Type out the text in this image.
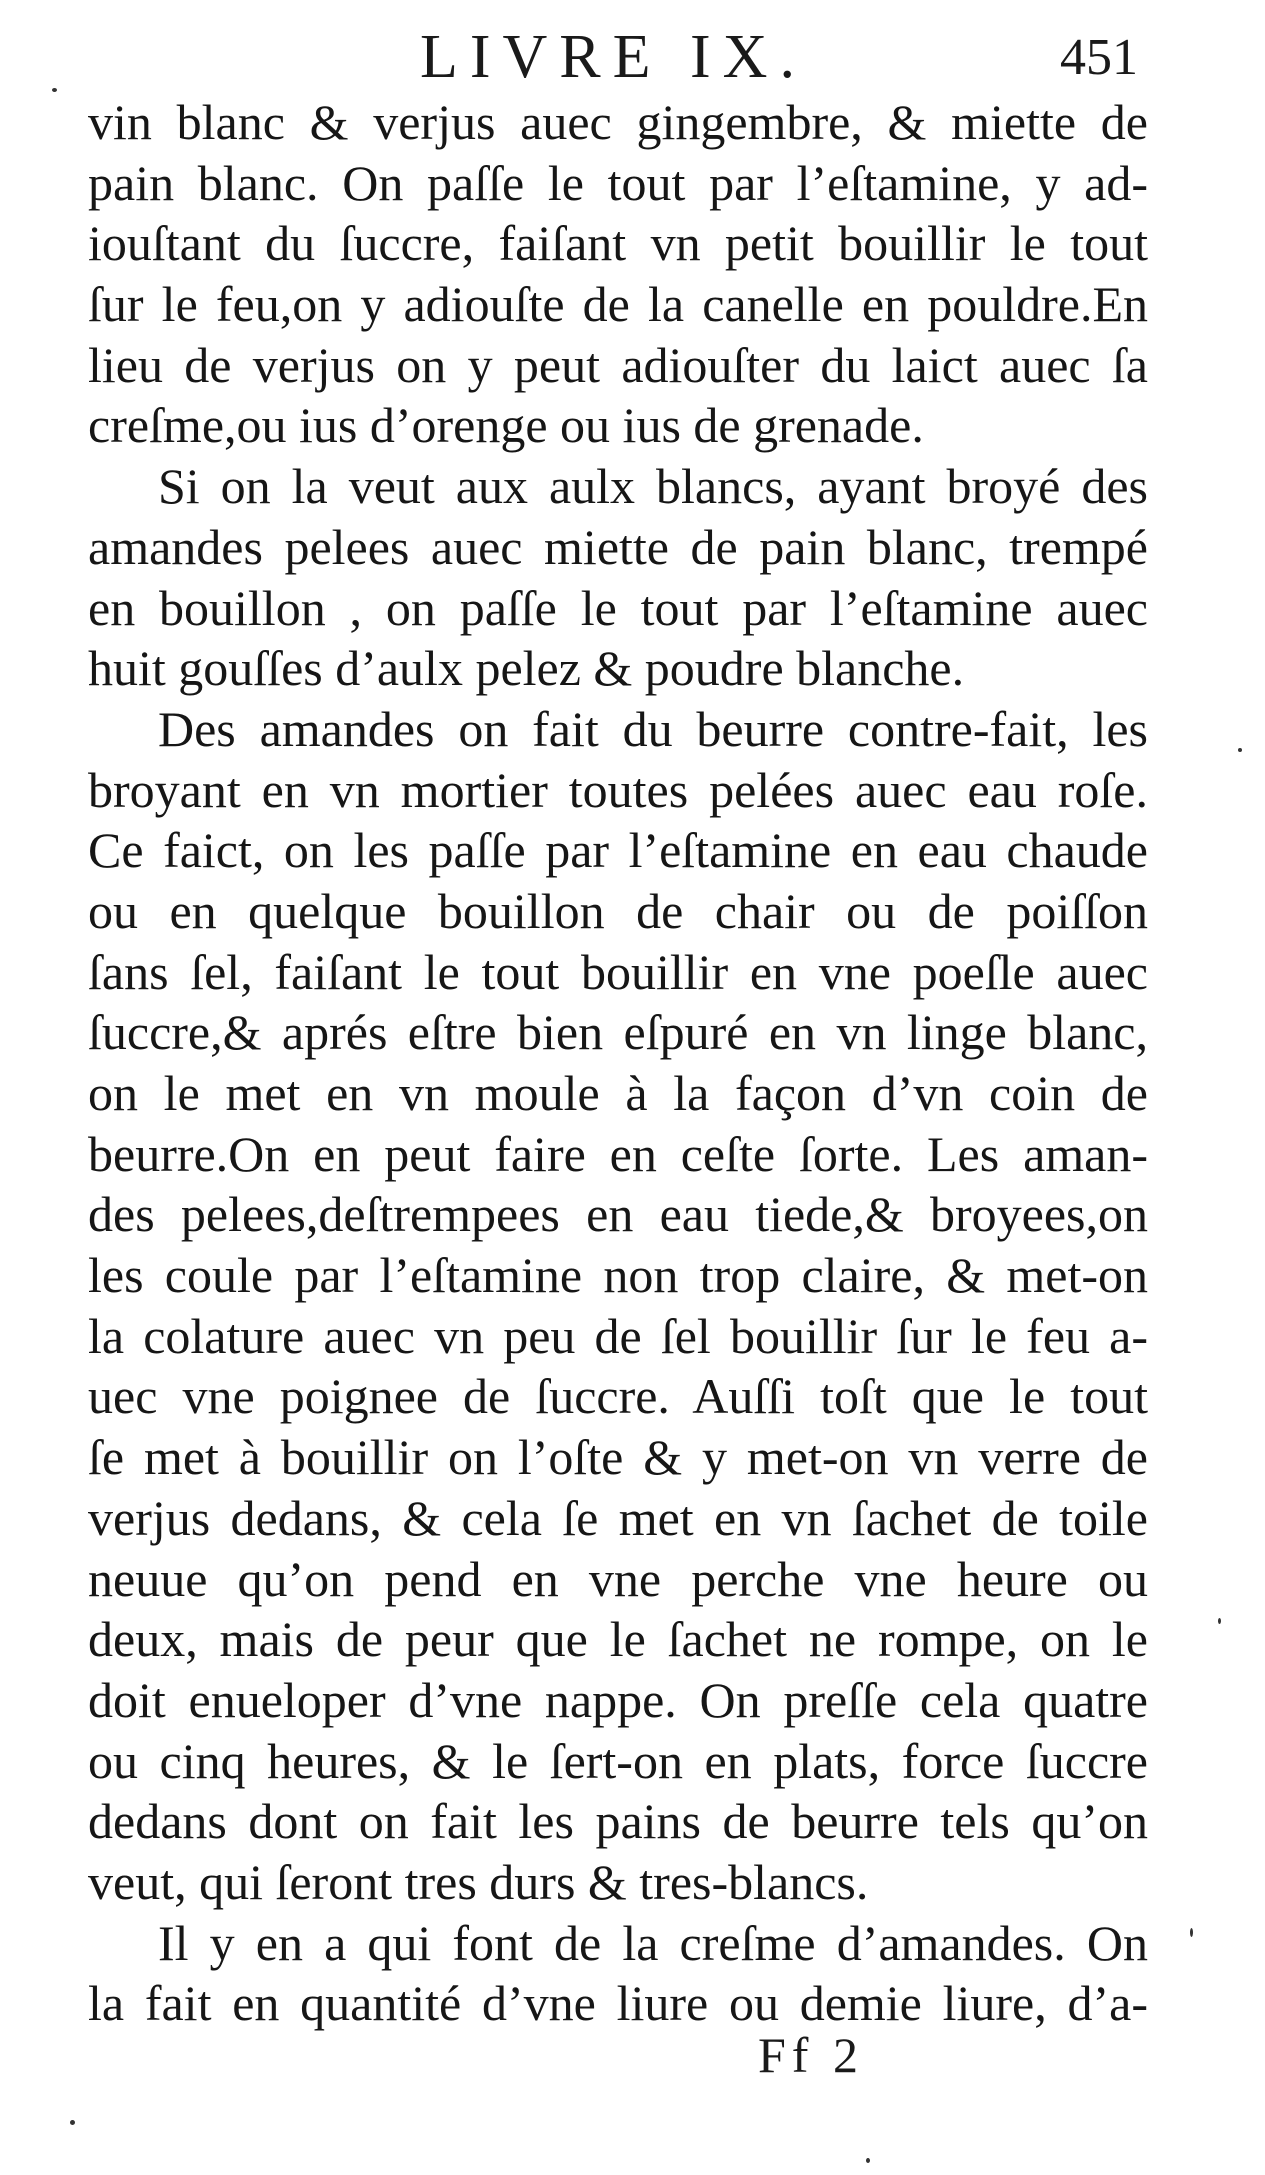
LIVRE IX.	451
vin blanc & verjus auec gingembre, & miette de
pain blanc. On paſſe le tout par l’eſtamine, y ad-
iouſtant du ſuccre, faiſant vn petit bouillir le tout
ſur le feu,on y adiouſte de la canelle en pouldre.En
lieu de verjus on y peut adiouſter du laict auec ſa
creſme,ou ius d’orenge ou ius de grenade.
Si on la veut aux aulx blancs, ayant broyé des
amandes pelees auec miette de pain blanc, trempé
en bouillon , on paſſe le tout par l’eſtamine auec
huit gouſſes d’aulx pelez & poudre blanche.
Des amandes on fait du beurre contre-fait, les
broyant en vn mortier toutes pelées auec eau roſe.
Ce faict, on les paſſe par l’eſtamine en eau chaude
ou en quelque bouillon de chair ou de poiſſon
ſans ſel, faiſant le tout bouillir en vne poeſle auec
ſuccre,& aprés eſtre bien eſpuré en vn linge blanc,
on le met en vn moule à la façon d’vn coin de
beurre.On en peut faire en ceſte ſorte. Les aman-
des pelees,deſtrempees en eau tiede,& broyees,on
les coule par l’eſtamine non trop claire, & met-on
la colature auec vn peu de ſel bouillir ſur le feu a-
uec vne poignee de ſuccre. Auſſi toſt que le tout
ſe met à bouillir on l’oſte & y met-on vn verre de
verjus dedans, & cela ſe met en vn ſachet de toile
neuue qu’on pend en vne perche vne heure ou
deux, mais de peur que le ſachet ne rompe, on le
doit enueloper d’vne nappe. On preſſe cela quatre
ou cinq heures, & le ſert-on en plats, force ſuccre
dedans dont on fait les pains de beurre tels qu’on
veut, qui ſeront tres durs & tres-blancs.
Il y en a qui font de la creſme d’amandes. On
la fait en quantité d’vne liure ou demie liure, d’a-
Ff 2
